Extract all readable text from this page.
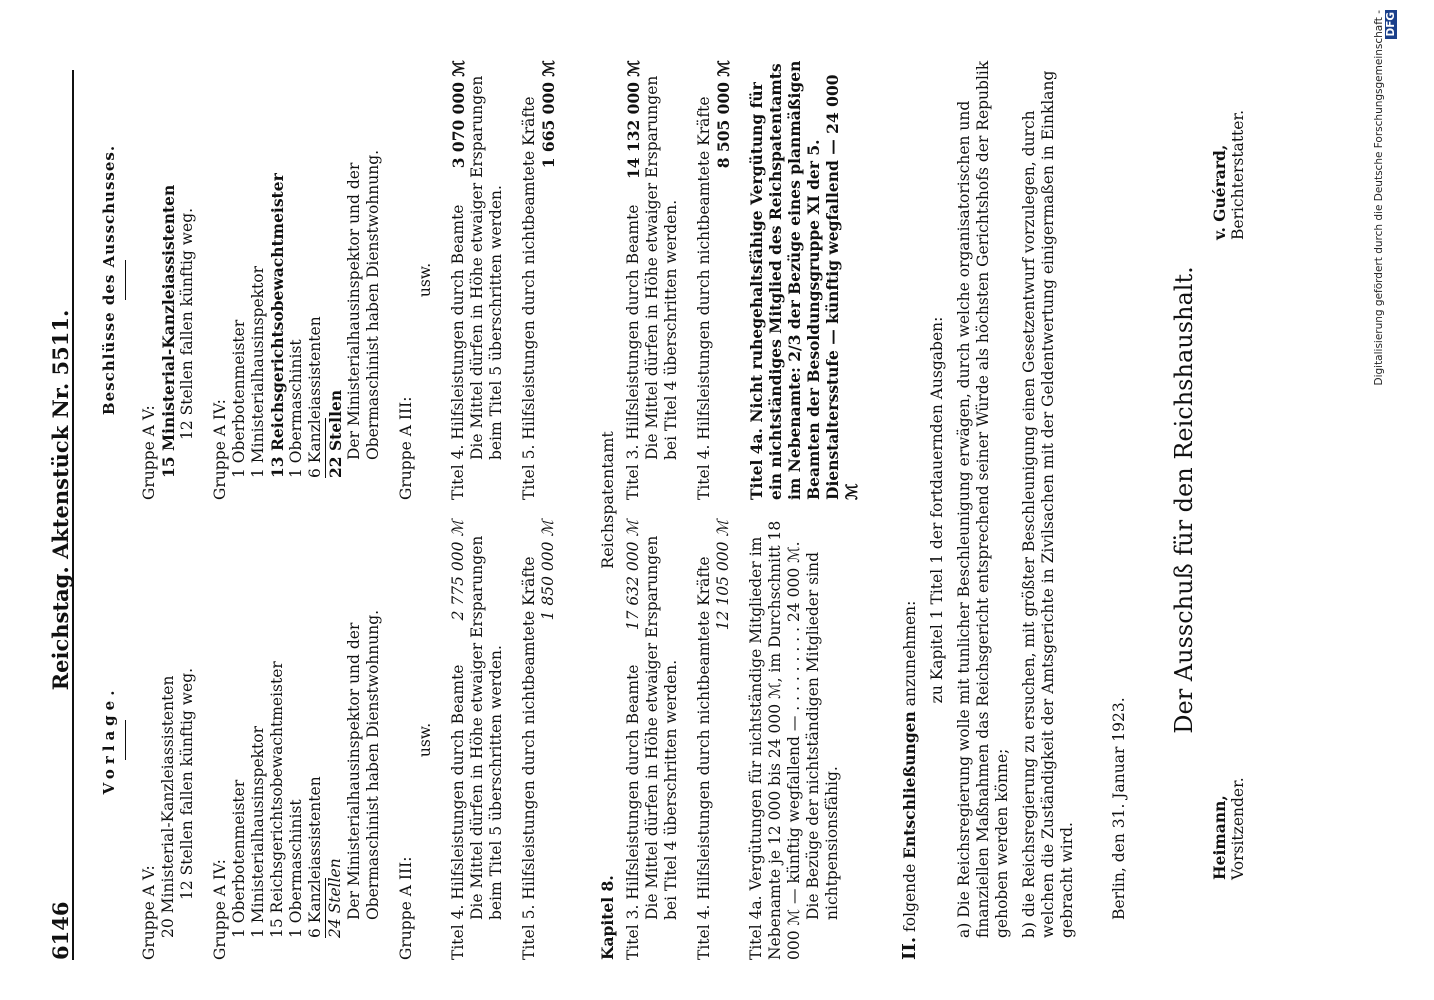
6146
Reichstag. Aktenstück Nr. 5511.

Vorlage.

Gruppe A V: 20 Ministerial-Kanzleiassistenten 12 Stellen fallen künftig weg.

Gruppe A IV: 1 Oberbotenmeister 1 Ministerialhausinspektor 15 Reichsgerichtsobewachtmeister 1 Obermaschinist 6 Kanzleiassistenten 24 Stellen Der Ministerialhausinspektor und der Obermaschinist haben Dienstwohnung. Gruppe A III:

usw. Titel 4. Hilfsleistungen durch Beamte
2 775 000 ℳ Die Mittel dürfen in Höhe etwaiger Ersparungen beim Titel 5 überschritten werden. Titel 5. Hilfsleistungen durch nichtbeamtete Kräfte 1 850 000 ℳ

Beschlüsse des Ausschusses.

Gruppe A V: 15 Ministerial-Kanzleiassistenten 12 Stellen fallen künftig weg.

Gruppe A IV: 1 Oberbotenmeister 1 Ministerialhausinspektor 13 Reichsgerichtsobewachtmeister 1 Obermaschinist 6 Kanzleiassistenten 22 Stellen Der Ministerialhausinspektor und der Obermaschinist haben Dienstwohnung. Gruppe A III:

usw. Titel 4. Hilfsleistungen durch Beamte
3 070 000 ℳ Die Mittel dürfen in Höhe etwaiger Ersparungen beim Titel 5 überschritten werden. Titel 5. Hilfsleistungen durch nichtbeamtete Kräfte 1 665 000 ℳ

Kapitel 8.
Reichspatentamt
Titel 3. Hilfsleistungen durch Beamte
17 632 000 ℳ Die Mittel dürfen in Höhe etwaiger Ersparungen bei Titel 4 überschritten werden. Titel 4. Hilfsleistungen durch nichtbeamtete Kräfte 12 105 000 ℳ Titel 4a. Vergütungen für nichtständige Mitglieder im Nebenamte je 12 000 bis 24 000 ℳ, im Durchschnitt 18 000 ℳ — künftig wegfallend — . . . . . . . . . 24 000 ℳ. Die Bezüge der nichtständigen Mitglieder sind nichtpensionsfähig.

Titel 3. Hilfsleistungen durch Beamte
14 132 000 ℳ Die Mittel dürfen in Höhe etwaiger Ersparungen bei Titel 4 überschritten werden. Titel 4. Hilfsleistungen durch nichtbeamtete Kräfte 8 505 000 ℳ Titel 4a. Nicht ruhegehaltsfähige Vergütung für ein nichtständiges Mitglied des Reichspatentamts im Nebenamte: 2/3 der Bezüge eines planmäßigen Beamten der Besoldungsgruppe XI der 5. Dienstaltersstufe — künftig wegfallend — 24 000 ℳ

II. folgende Entschließungen anzunehmen: zu Kapitel 1 Titel 1 der fortdauernden Ausgaben: a) Die Reichsregierung wolle mit tunlicher Beschleunigung erwägen, durch welche organisatorischen und finanziellen Maßnahmen das Reichsgericht entsprechend seiner Würde als höchsten Gerichtshofs der Republik gehoben werden könne; b) die Reichsregierung zu ersuchen, mit größter Beschleunigung einen Gesetzentwurf vorzulegen, durch welchen die Zuständigkeit der Amtsgerichte in Zivilsachen mit der Geldentwertung einigermaßen in Einklang gebracht wird. Berlin, den 31. Januar 1923.
Der Ausschuß für den Reichshaushalt.

Heimann, Vorsitzender.

v. Guérard, Berichterstatter.	Digitalisierung gefördert durch die Deutsche Forschungsgemeinschaft - DFG
